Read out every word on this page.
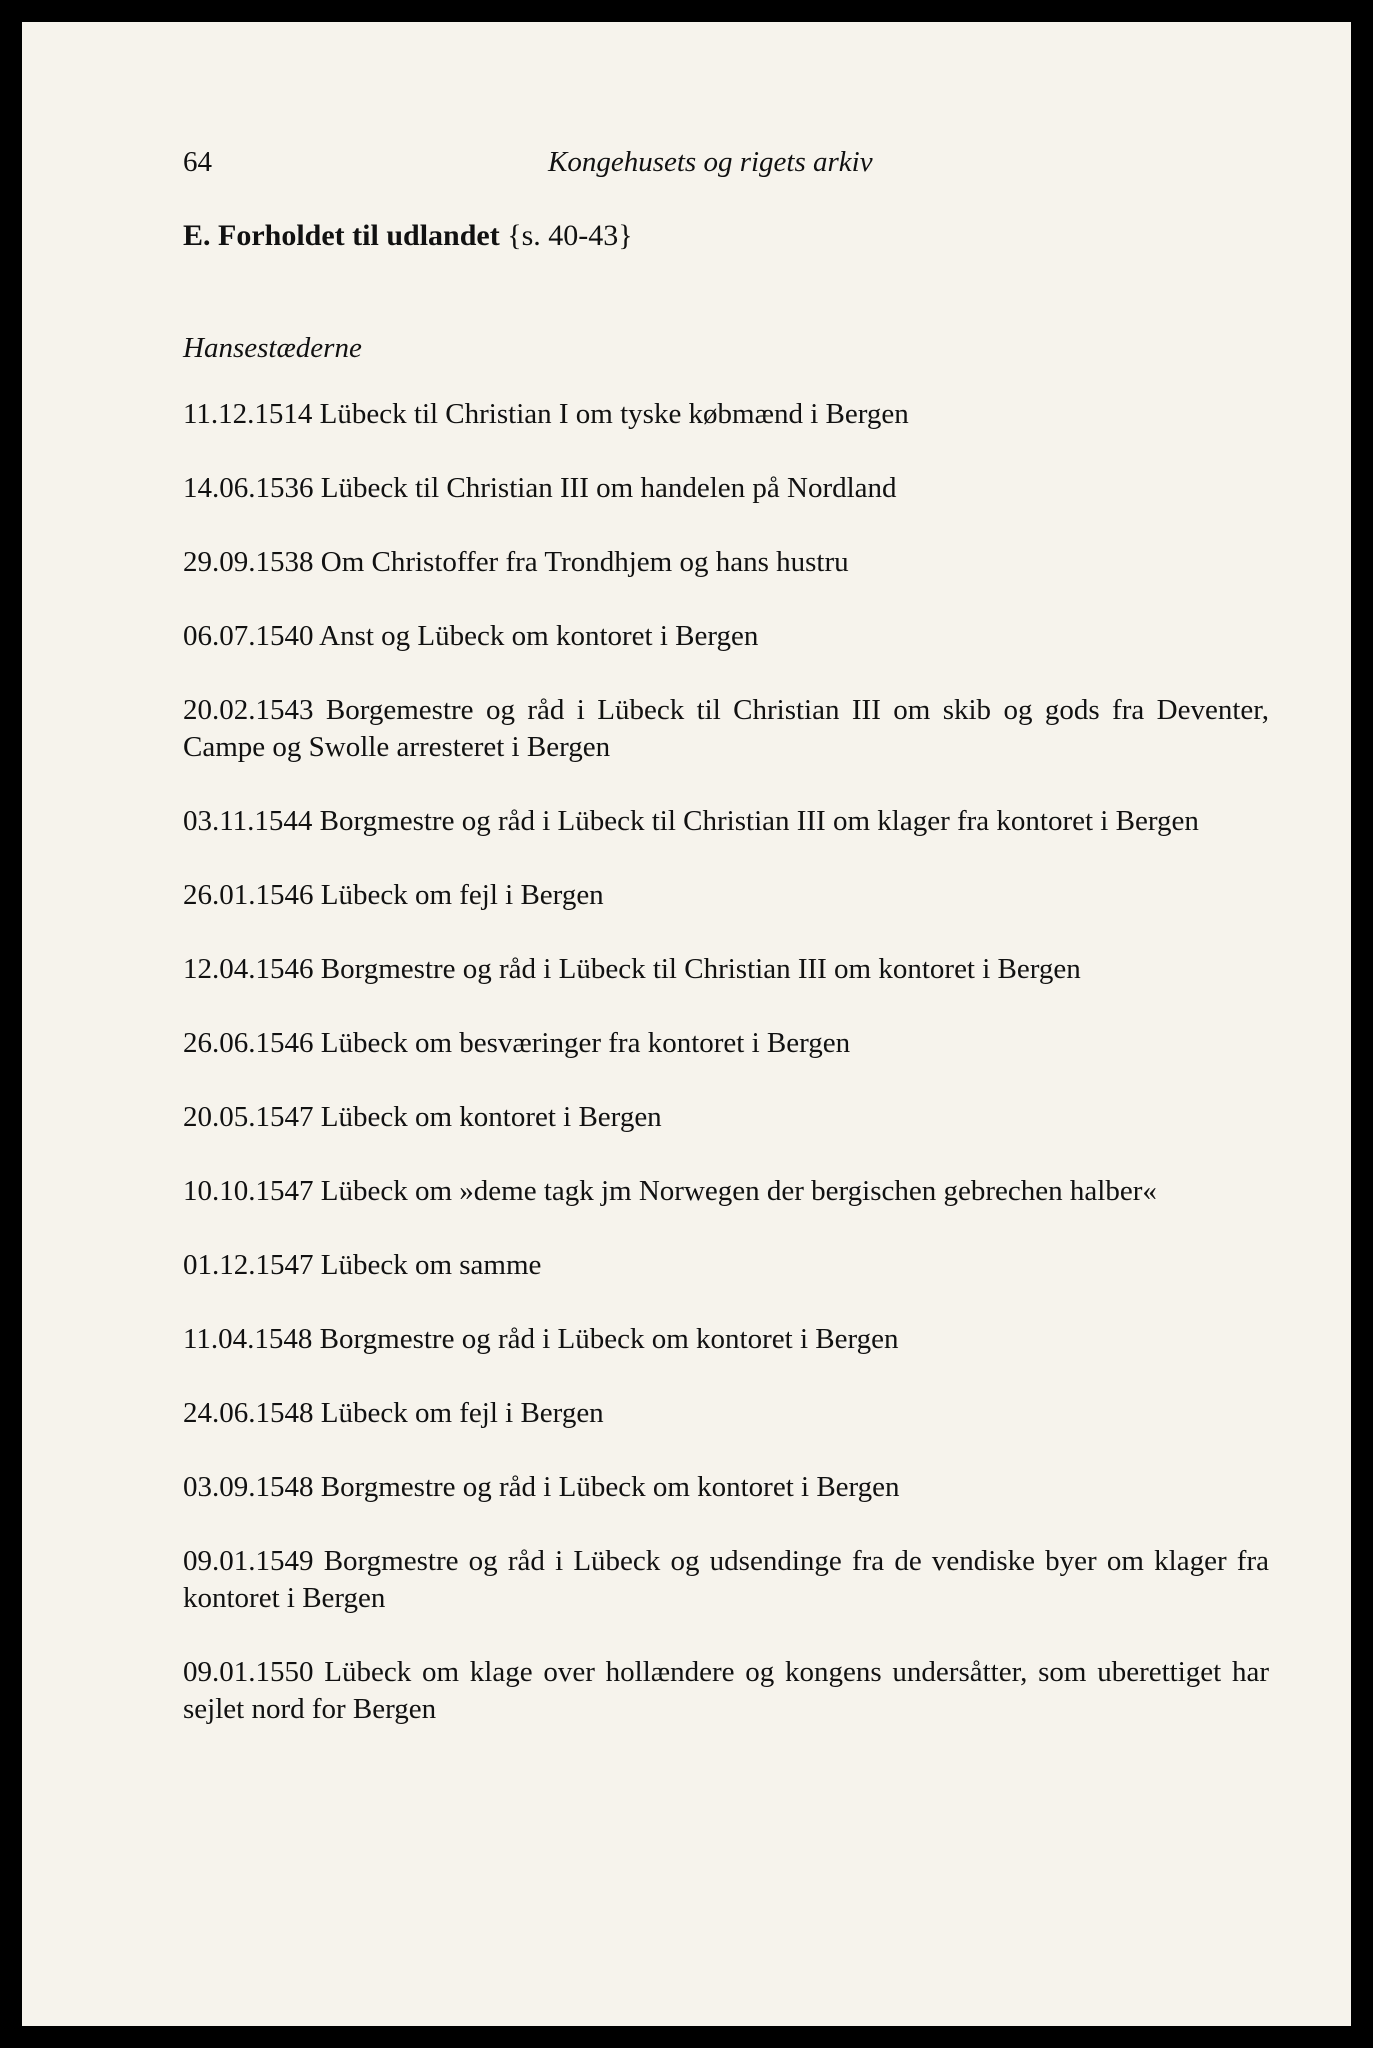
64	Kongehusets og rigets arkiv
E. Forholdet til udlandet {s. 40-43}
Hansestæderne

11.12.1514 Lübeck til Christian I om tyske købmænd i Bergen

14.06.1536 Lübeck til Christian III om handelen på Nordland

29.09.1538 Om Christoffer fra Trondhjem og hans hustru

06.07.1540 Anst og Lübeck om kontoret i Bergen

20.02.1543 Borgemestre og råd i Lübeck til Christian III om skib og gods fra Deventer, Campe og Swolle arresteret i Bergen

03.11.1544 Borgmestre og råd i Lübeck til Christian III om klager fra kontoret i Bergen

26.01.1546 Lübeck om fejl i Bergen

12.04.1546 Borgmestre og råd i Lübeck til Christian III om kontoret i Bergen

26.06.1546 Lübeck om besværinger fra kontoret i Bergen

20.05.1547 Lübeck om kontoret i Bergen

10.10.1547 Lübeck om »deme tagk jm Norwegen der bergischen gebrechen halber«

01.12.1547 Lübeck om samme

11.04.1548 Borgmestre og råd i Lübeck om kontoret i Bergen

24.06.1548 Lübeck om fejl i Bergen

03.09.1548 Borgmestre og råd i Lübeck om kontoret i Bergen

09.01.1549 Borgmestre og råd i Lübeck og udsendinge fra de vendiske byer om klager fra kontoret i Bergen

09.01.1550 Lübeck om klage over hollændere og kongens undersåtter, som uberettiget har sejlet nord for Bergen
